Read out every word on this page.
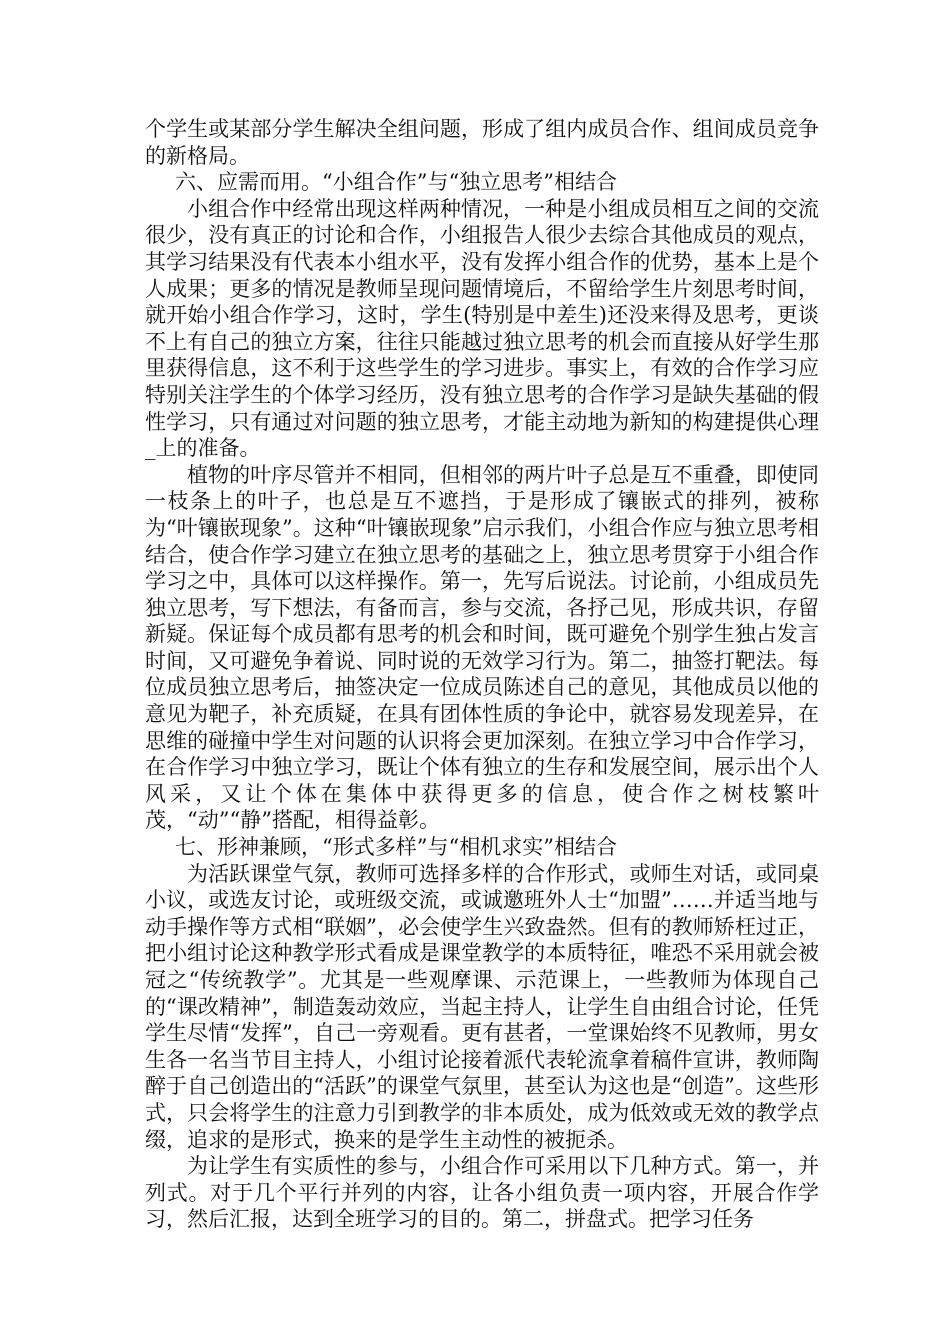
个学生或某部分学生解决全组问题，形成了组内成员合作、组间成员竞争的新格局。

六、应需而用。“小组合作”与“独立思考”相结合

小组合作中经常出现这样两种情况，一种是小组成员相互之间的交流很少，没有真正的讨论和合作，小组报告人很少去综合其他成员的观点，其学习结果没有代表本小组水平，没有发挥小组合作的优势，基本上是个人成果；更多的情况是教师呈现问题情境后，不留给学生片刻思考时间，就开始小组合作学习，这时，学生(特别是中差生)还没来得及思考，更谈不上有自己的独立方案，往往只能越过独立思考的机会而直接从好学生那里获得信息，这不利于这些学生的学习进步。事实上，有效的合作学习应特别关注学生的个体学习经历，没有独立思考的合作学习是缺失基础的假性学习，只有通过对问题的独立思考，才能主动地为新知的构建提供心理_上的准备。

植物的叶序尽管并不相同，但相邻的两片叶子总是互不重叠，即使同一枝条上的叶子，也总是互不遮挡，于是形成了镶嵌式的排列，被称为“叶镶嵌现象”。这种“叶镶嵌现象”启示我们，小组合作应与独立思考相结合，使合作学习建立在独立思考的基础之上，独立思考贯穿于小组合作学习之中，具体可以这样操作。第一，先写后说法。讨论前，小组成员先独立思考，写下想法，有备而言，参与交流，各抒己见，形成共识，存留新疑。保证每个成员都有思考的机会和时间，既可避免个别学生独占发言时间，又可避免争着说、同时说的无效学习行为。第二，抽签打靶法。每位成员独立思考后，抽签决定一位成员陈述自己的意见，其他成员以他的意见为靶子，补充质疑，在具有团体性质的争论中，就容易发现差异，在思维的碰撞中学生对问题的认识将会更加深刻。在独立学习中合作学习，在合作学习中独立学习，既让个体有独立的生存和发展空间，展示出个人风采，又让个体在集体中获得更多的信息，使合作之树枝繁叶茂，“动”“静”搭配，相得益彰。

七、形神兼顾，“形式多样”与“相机求实”相结合

为活跃课堂气氛，教师可选择多样的合作形式，或师生对话，或同桌小议，或选友讨论，或班级交流，或诚邀班外人士“加盟”……并适当地与动手操作等方式相“联姻”，必会使学生兴致盎然。但有的教师矫枉过正，把小组讨论这种教学形式看成是课堂教学的本质特征，唯恐不采用就会被冠之“传统教学”。尤其是一些观摩课、示范课上，一些教师为体现自己的“课改精神”，制造轰动效应，当起主持人，让学生自由组合讨论，任凭学生尽情“发挥”，自己一旁观看。更有甚者，一堂课始终不见教师，男女生各一名当节目主持人，小组讨论接着派代表轮流拿着稿件宣讲，教师陶醉于自己创造出的“活跃”的课堂气氛里，甚至认为这也是“创造”。这些形式，只会将学生的注意力引到教学的非本质处，成为低效或无效的教学点缀，追求的是形式，换来的是学生主动性的被扼杀。

为让学生有实质性的参与，小组合作可采用以下几种方式。第一，并列式。对于几个平行并列的内容，让各小组负责一项内容，开展合作学习，然后汇报，达到全班学习的目的。第二，拼盘式。把学习任务
